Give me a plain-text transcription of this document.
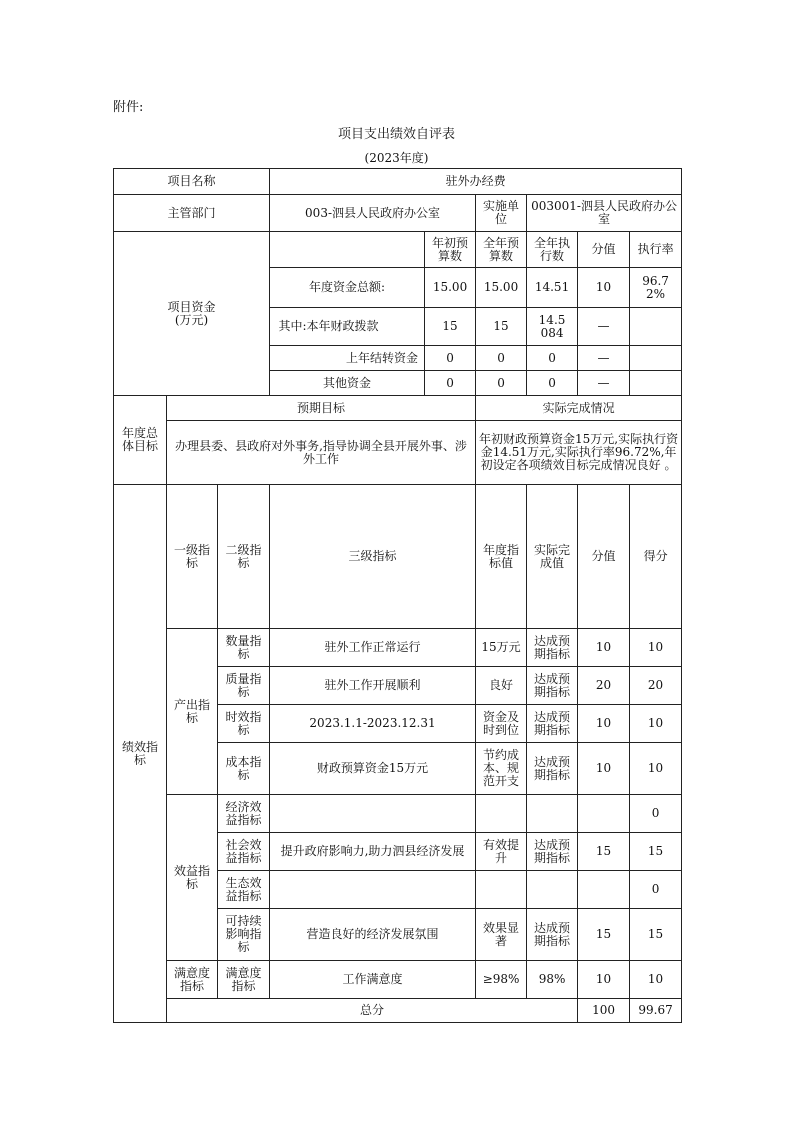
附件:
项目支出绩效自评表
(2023年度)
项目名称			驻外办经费						
主管部门			003-泗县人民政府办公室		实施单位	003001-泗县人民政府办公室			
项目资金
(万元)				年初预算数	全年预算数	全年执行数	分值	执行率	
			年度资金总额:	15.00	15.00	14.51	10	96.72%	
			其中:本年财政拨款	15	15	14.5084	—		
			上年结转资金	0	0	0	—		
			其他资金	0	0	0	—		
年度总体目标	预期目标				实际完成情况				
	办理县委、县政府对外事务,指导协调全县开展外事、涉外工作				年初财政预算资金15万元,实际执行资金14.51万元,实际执行率96.72%,年初设定各项绩效目标完成情况良好 。				
绩效指标	一级指标	二级指标	三级指标		年度指标值	实际完成值	分值	得分	
	产出指标	数量指标	驻外工作正常运行		15万元	达成预期指标	10	10	
		质量指标	驻外工作开展顺利		良好	达成预期指标	20	20	
		时效指标	2023.1.1-2023.12.31		资金及时到位	达成预期指标	10	10	
		成本指标	财政预算资金15万元		节约成本、规范开支	达成预期指标	10	10	
	效益指标	经济效益指标						0	
		社会效益指标	提升政府影响力,助力泗县经济发展		有效提升	达成预期指标	15	15	
		生态效益指标						0	
		可持续影响指标	营造良好的经济发展氛围		效果显著	达成预期指标	15	15	
	满意度指标	满意度指标	工作满意度		≥98%	98%	10	10	
	总分						100	99.67	
